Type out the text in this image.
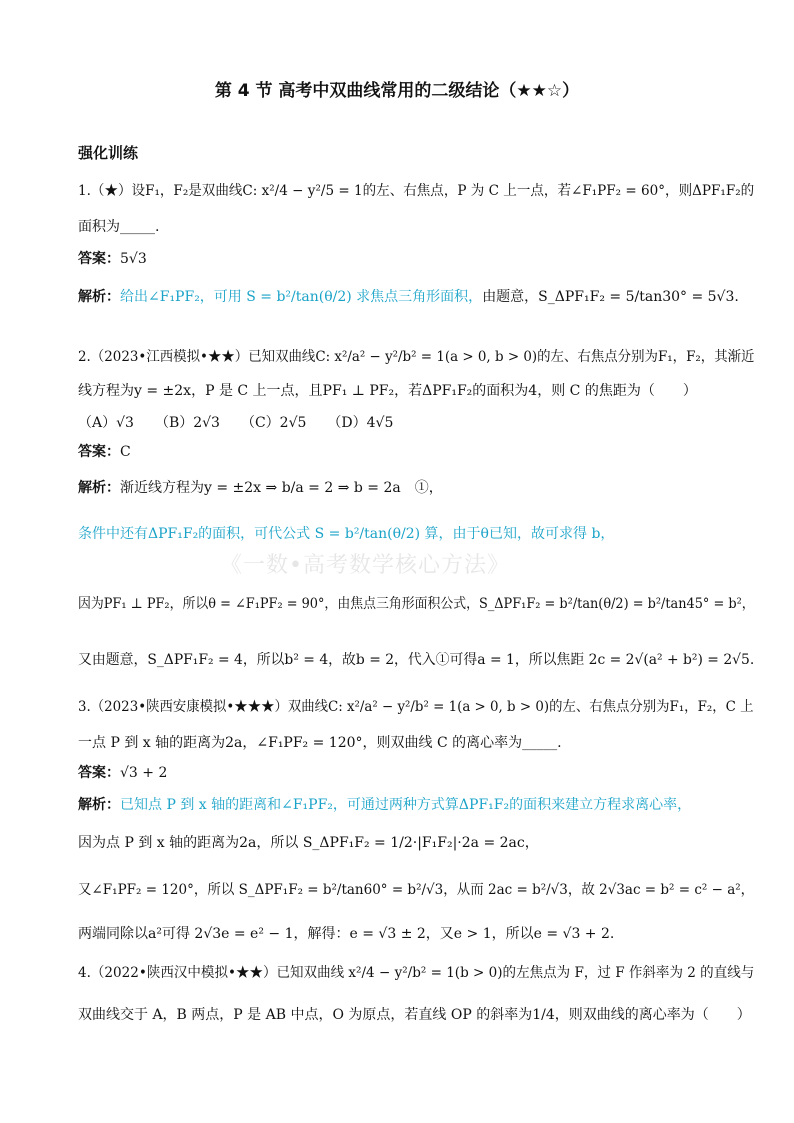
第 4 节 高考中双曲线常用的二级结论（★★☆）
强化训练
《一数•高考数学核心方法》
1.（★）设F₁，F₂是双曲线C: x²/4 − y²/5 = 1的左、右焦点，P 为 C 上一点，若∠F₁PF₂ = 60°，则ΔPF₁F₂的
面积为_____.
答案：5√3
解析：给出∠F₁PF₂，可用 S = b²/tan(θ/2) 求焦点三角形面积，由题意，S_ΔPF₁F₂ = 5/tan30° = 5√3.
2.（2023•江西模拟•★★）已知双曲线C: x²/a² − y²/b² = 1(a > 0, b > 0)的左、右焦点分别为F₁，F₂，其渐近
线方程为y = ±2x，P 是 C 上一点，且PF₁ ⊥ PF₂，若ΔPF₁F₂的面积为4，则 C 的焦距为（　　）
（A）√3　　（B）2√3　　（C）2√5　　（D）4√5
答案：C
解析：渐近线方程为y = ±2x ⇒ b/a = 2 ⇒ b = 2a　①，
条件中还有ΔPF₁F₂的面积，可代公式 S = b²/tan(θ/2) 算，由于θ已知，故可求得 b，
因为PF₁ ⊥ PF₂，所以θ = ∠F₁PF₂ = 90°，由焦点三角形面积公式，S_ΔPF₁F₂ = b²/tan(θ/2) = b²/tan45° = b²，
又由题意，S_ΔPF₁F₂ = 4，所以b² = 4，故b = 2，代入①可得a = 1，所以焦距 2c = 2√(a² + b²) = 2√5.
3.（2023•陕西安康模拟•★★★）双曲线C: x²/a² − y²/b² = 1(a > 0, b > 0)的左、右焦点分别为F₁，F₂，C 上
一点 P 到 x 轴的距离为2a，∠F₁PF₂ = 120°，则双曲线 C 的离心率为_____.
答案：√3 + 2
解析：已知点 P 到 x 轴的距离和∠F₁PF₂，可通过两种方式算ΔPF₁F₂的面积来建立方程求离心率，
因为点 P 到 x 轴的距离为2a，所以 S_ΔPF₁F₂ = 1/2·|F₁F₂|·2a = 2ac，
又∠F₁PF₂ = 120°，所以 S_ΔPF₁F₂ = b²/tan60° = b²/√3，从而 2ac = b²/√3，故 2√3ac = b² = c² − a²，
两端同除以a²可得 2√3e = e² − 1，解得：e = √3 ± 2，又e > 1，所以e = √3 + 2.
4.（2022•陕西汉中模拟•★★）已知双曲线 x²/4 − y²/b² = 1(b > 0)的左焦点为 F，过 F 作斜率为 2 的直线与
双曲线交于 A，B 两点，P 是 AB 中点，O 为原点，若直线 OP 的斜率为1/4，则双曲线的离心率为（　　）
